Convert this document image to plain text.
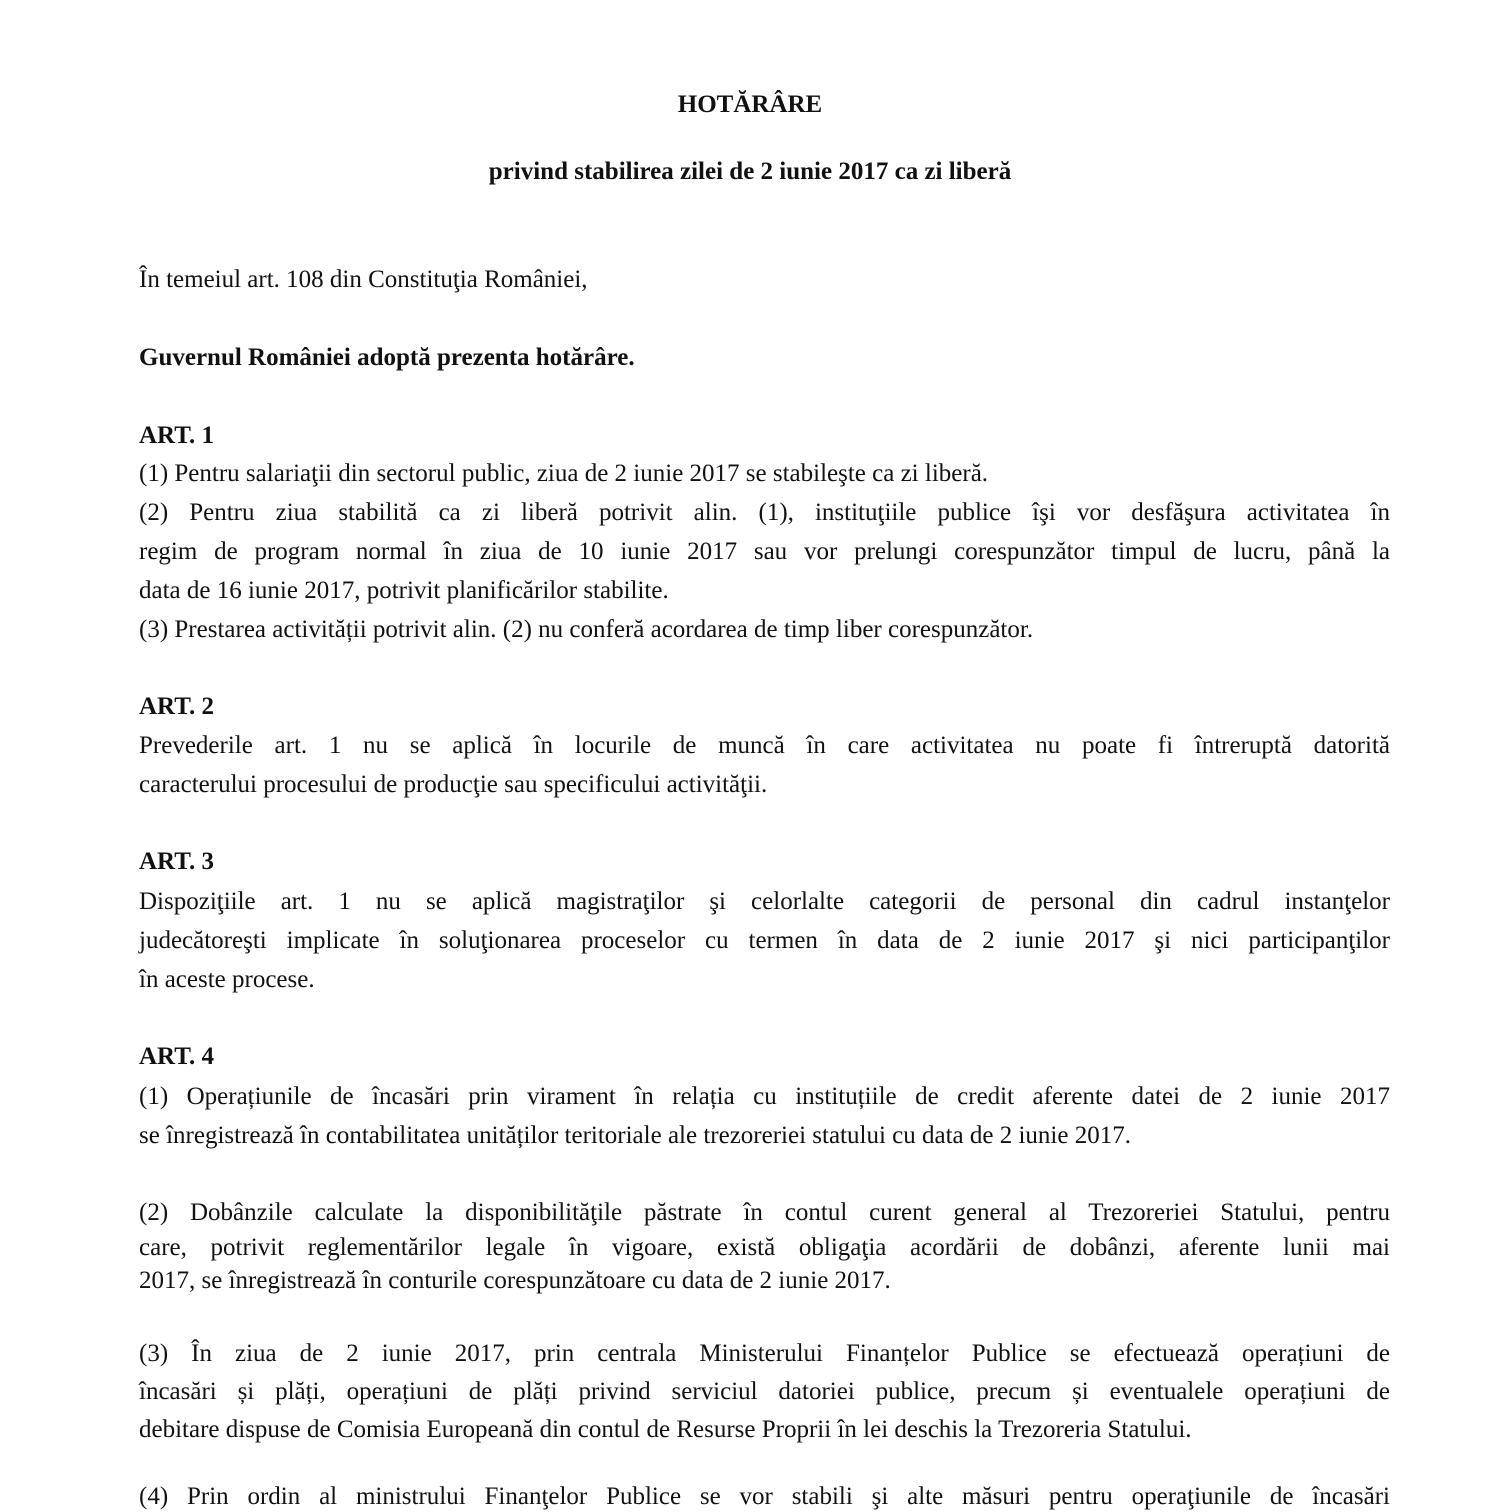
HOTĂRÂRE
privind stabilirea zilei de 2 iunie 2017 ca zi liberă
În temeiul art. 108 din Constituţia României,
Guvernul României adoptă prezenta hotărâre.
ART. 1
(1) Pentru salariaţii din sectorul public, ziua de 2 iunie 2017 se stabileşte ca zi liberă.
(2) Pentru ziua stabilită ca zi liberă potrivit alin. (1), instituţiile publice îşi vor desfăşura activitatea în
regim de program normal în ziua de 10 iunie 2017 sau vor prelungi corespunzător timpul de lucru, până la
data de 16 iunie 2017, potrivit planificărilor stabilite.
(3) Prestarea activității potrivit alin. (2) nu conferă acordarea de timp liber corespunzător.
ART. 2
Prevederile art. 1 nu se aplică în locurile de muncă în care activitatea nu poate fi întreruptă datorită
caracterului procesului de producţie sau specificului activităţii.
ART. 3
Dispoziţiile art. 1 nu se aplică magistraţilor şi celorlalte categorii de personal din cadrul instanţelor
judecătoreşti implicate în soluţionarea proceselor cu termen în data de 2 iunie 2017 şi nici participanţilor
în aceste procese.
ART. 4
(1) Operațiunile de încasări prin virament în relația cu instituțiile de credit aferente datei de 2 iunie 2017
se înregistrează în contabilitatea unităților teritoriale ale trezoreriei statului cu data de 2 iunie 2017.
(2) Dobânzile calculate la disponibilităţile păstrate în contul curent general al Trezoreriei Statului, pentru
care, potrivit reglementărilor legale în vigoare, există obligaţia acordării de dobânzi, aferente lunii mai
2017, se înregistrează în conturile corespunzătoare cu data de 2 iunie 2017.
(3) În ziua de 2 iunie 2017, prin centrala Ministerului Finanțelor Publice se efectuează operațiuni de
încasări și plăți, operațiuni de plăți privind serviciul datoriei publice, precum și eventualele operațiuni de
debitare dispuse de Comisia Europeană din contul de Resurse Proprii în lei deschis la Trezoreria Statului.
(4) Prin ordin al ministrului Finanţelor Publice se vor stabili şi alte măsuri pentru operaţiunile de încasări
